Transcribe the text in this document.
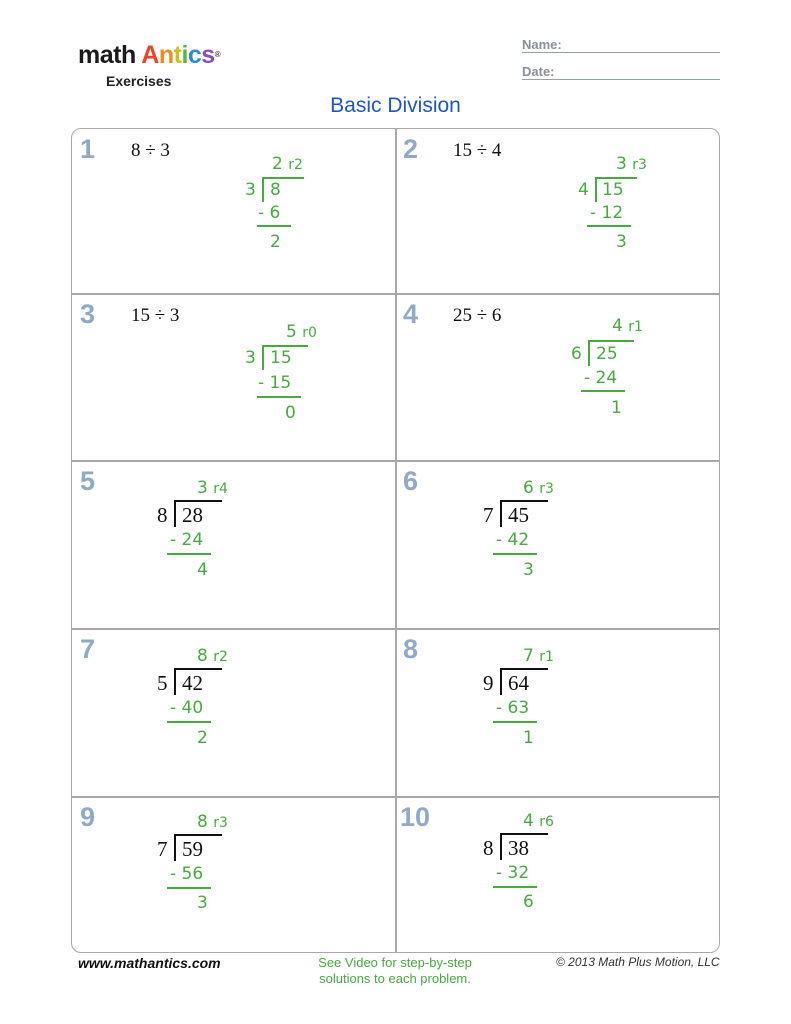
math Antics®
Exercises
Name:
Date:
Basic Division
1 8 ÷ 3
2 r2
3 8
- 6
2
2 15 ÷ 4
3 r3
4 15
- 12
3
3 15 ÷ 3
5 r0
3 15
- 15
0
4 25 ÷ 6	4 r1
6 25
- 24
1
5	3 r4
8 28
- 24
4
6	6 r3
7 45
- 42
3
7	8 r2
5 42
- 40
2
8	7 r1
9 64
- 63
1
9	8 r3
7 59
- 56
3
10	4 r6
8 38
- 32
6
www.mathantics.com	See Video for step-by-step
solutions to each problem.
© 2013 Math Plus Motion, LLC
